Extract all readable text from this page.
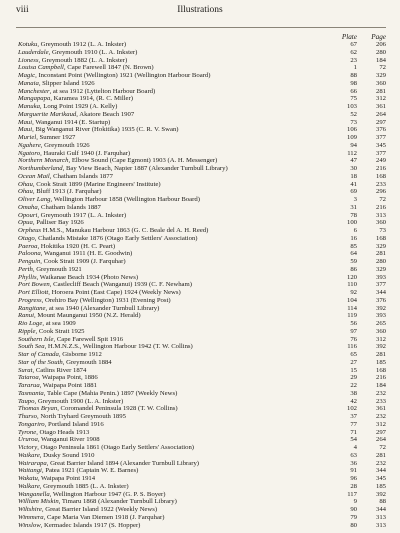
viii	Illustrations
Plate	Page
Kotuku, Greymouth 1912 (L. A. Inkster)	67	206
Lauderdale, Greymouth 1910 (L. A. Inkster)	62	280
Lioness, Greymouth 1882 (L. A. Inkster)	23	184
Louisa Campbell, Cape Farewell 1847 (N. Brown)	1	72
Magic, Inconstant Point (Wellington) 1921 (Wellington Harbour Board)	88	329
Manaia, Slipper Island 1926	98	360
Manchester, at sea 1912 (Lyttelton Harbour Board)	66	281
Mangapapa, Karamea 1914, (R. C. Miller)	75	312
Manuka, Long Point 1929 (A. Kelly)	103	361
Marguerite Marikaud, Akatore Beach 1907	52	264
Maui, Wanganui 1914 (E. Startup)	73	297
Maui, Big Wanganui River (Hokitika) 1935 (C. R. V. Swan)	106	376
Muriel, Sumner 1927	109	377
Ngahere, Greymouth 1926	94	345
Ngatoro, Hauraki Gulf 1940 (J. Farquhar)	112	377
Northern Monarch, Elbow Sound (Cape Egmont) 1903 (A. H. Messenger)	47	249
Northumberland, Bay View Beach, Napier 1887 (Alexander Turnbull Library)	30	216
Ocean Mail, Chatham Islands 1877	18	168
Ohau, Cook Strait 1899 (Marine Engineers' Institute)	41	233
Ohau, Bluff 1913 (J. Farquhar)	69	296
Oliver Lang, Wellington Harbour 1858 (Wellington Harbour Board)	3	72
Omaha, Chatham Islands 1887	31	216
Opouri, Greymouth 1917 (L. A. Inkster)	78	313
Opua, Palliser Bay 1926	100	360
Orpheus H.M.S., Manukau Harbour 1863 (G. C. Beale del A. H. Reed)	6	73
Otago, Chatlands Mistake 1876 (Otago Early Settlers' Association)	16	168
Paeroa, Hokitika 1920 (H. C. Peart)	85	329
Paloona, Wanganui 1911 (H. E. Goodwin)	64	281
Penguin, Cook Strait 1909 (J. Farquhar)	59	280
Perth, Greymouth 1921	86	329
Phyllis, Waikanae Beach 1934 (Photo News)	120	393
Port Bowen, Castlecliff Beach (Wanganui) 1939 (C. F. Newham)	110	377
Port Elliott, Horoera Point (East Cape) 1924 (Weekly News)	92	344
Progress, Orehiro Bay (Wellington) 1931 (Evening Post)	104	376
Rangitane, at sea 1940 (Alexander Turnbull Library)	114	392
Ranui, Mount Maunganui 1950 (N.Z. Herald)	119	393
Rio Loge, at sea 1909	56	265
Ripple, Cook Strait 1925	97	360
Southern Isle, Cape Farewell Spit 1916	76	312
South Sea, H.M.N.Z.S., Wellington Harbour 1942 (T. W. Collins)	116	392
Star of Canada, Gisborne 1912	65	281
Star of the South, Greymouth 1884	27	185
Surat, Catlins River 1874	15	168
Taiaroa, Waipapa Point, 1886	29	216
Tararua, Waipapa Point 1881	22	184
Tasmania, Table Cape (Mahia Penin.) 1897 (Weekly News)	38	232
Taupo, Greymouth 1900 (L. A. Inkster)	42	233
Thomas Bryan, Coromandel Peninsula 1928 (T. W. Collins)	102	361
Thurso, North Tryhard Greymouth 1895	37	232
Tongariro, Portland Island 1916	77	312
Tyrone, Otago Heads 1913	71	297
Ururoa, Wanganui River 1908	54	264
Victory, Otago Peninsula 1861 (Otago Early Settlers' Association)	4	72
Waikare, Dusky Sound 1910	63	281
Wairarapa, Great Barrier Island 1894 (Alexander Turnbull Library)	36	232
Waitangi, Patea 1921 (Captain W. E. Barnes)	91	344
Wakatu, Waipapa Point 1914	96	345
Walkare, Greymouth 1885 (L. A. Inkster)	28	185
Wanganella, Wellington Harbour 1947 (G. P. S. Boyer)	117	392
William Miskin, Timaru 1868 (Alexander Turnbull Library)	9	88
Wiltshire, Great Barrier Island 1922 (Weekly News)	90	344
Wimmera, Cape Maria Van Diemen 1918 (J. Farquhar)	79	313
Winslow, Kermadec Islands 1917 (S. Hopper)	80	313
